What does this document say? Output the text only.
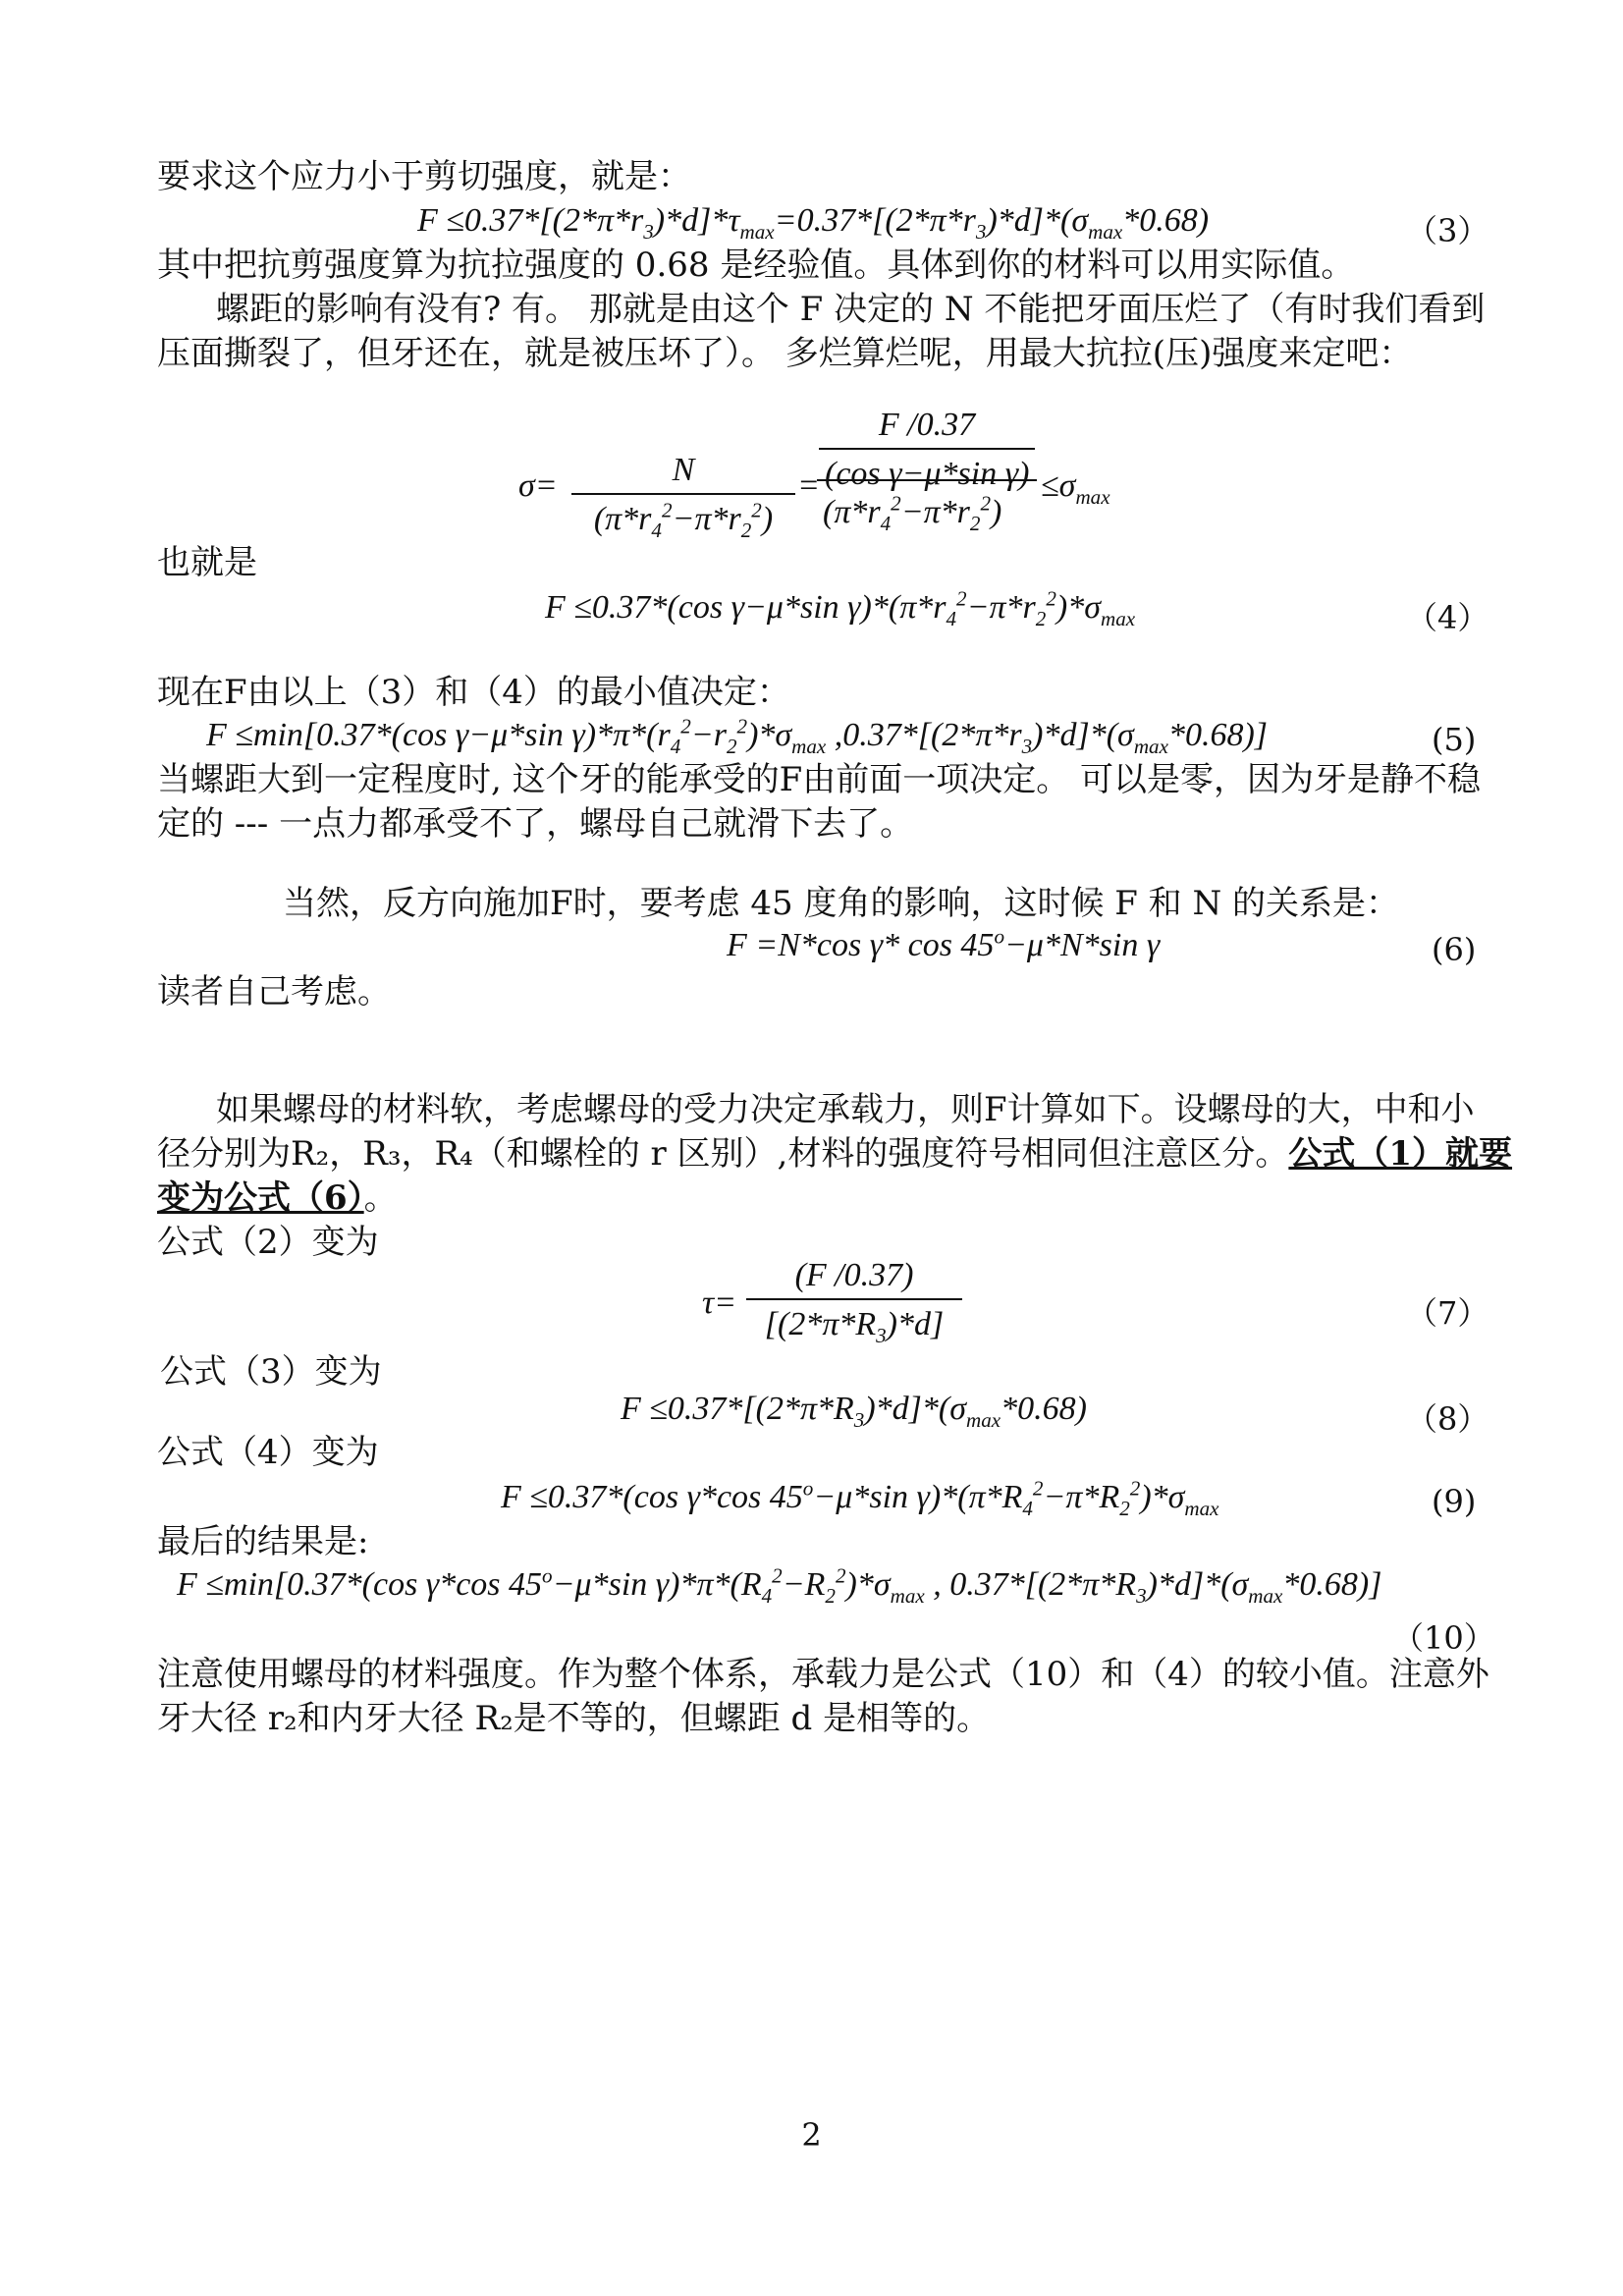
要求这个应力小于剪切强度，就是：
$F \le 0.37*[(2*\pi*r_3)*d]*\tau_{max}=0.37*[(2*\pi*r_3)*d]*(\sigma_{max}*0.68)$	（3）
其中把抗剪强度算为抗拉强度的 0.68 是经验值。具体到你的材料可以用实际值。
螺距的影响有没有? 有。 那就是由这个 F 决定的 N 不能把牙面压烂了（有时我们看到
压面撕裂了，但牙还在，就是被压坏了）。 多烂算烂呢，用最大抗拉(压)强度来定吧：
σ=	N
$(\pi*r_4^2-\pi*r_2^2)$
=
F /0.37
(cos γ−μ*sin γ)
$(\pi*r_4^2-\pi*r_2^2)$
$\le\sigma_{max}$
也就是
F ≤0.37*(cos γ−μ*sin $\gamma)*(\pi*r_4^2-\pi*r_2^2)*\sigma_{max}$	（4）
现在F由以上（3）和（4）的最小值决定：
F ≤min[0.37*(cos γ−μ*sin $\gamma)*\pi*(r_4^2-r_2^2)*\sigma_{max}$ $,0.37*[(2*\pi*r_3)*d]*(\sigma_{max}*0.68)$]	(5)
当螺距大到一定程度时, 这个牙的能承受的F由前面一项决定。 可以是零，因为牙是静不稳
定的 --- 一点力都承受不了，螺母自己就滑下去了。
当然，反方向施加F时，要考虑 45 度角的影响，这时候 F 和 N 的关系是：
F =N*cos γ* $\cos 45^o-\mu*N*\sin$ γ	(6)
读者自己考虑。
如果螺母的材料软，考虑螺母的受力决定承载力，则F计算如下。设螺母的大，中和小
径分别为R₂，R₃，R₄（和螺栓的 r 区别）,材料的强度符号相同但注意区分。公式（1）就要
变为公式（6）。
公式（2）变为
τ=
(F /0.37)
$[(2*\pi*R_3)*d]$	（7）
公式（3）变为
$F \le 0.37*[(2*\pi*R_3)*d]*(\sigma_{max}*0.68)$	（8）
公式（4）变为
F ≤0.37*(cos γ*cos $45^o-\mu*\sin$ $\gamma)*(\pi*R_4^2-\pi*R_2^2)*\sigma_{max}$	(9)
最后的结果是:
F ≤min[0.37*(cos γ*cos $45^o-\mu*\sin$ $\gamma)*\pi*(R_4^2-R_2^2)*\sigma_{max}$ , $0.37*[(2*\pi*R_3)*d]*(\sigma_{max}*0.68)$]
（10）
注意使用螺母的材料强度。作为整个体系，承载力是公式（10）和（4）的较小值。注意外
牙大径 r₂和内牙大径 R₂是不等的，但螺距 d 是相等的。
2
